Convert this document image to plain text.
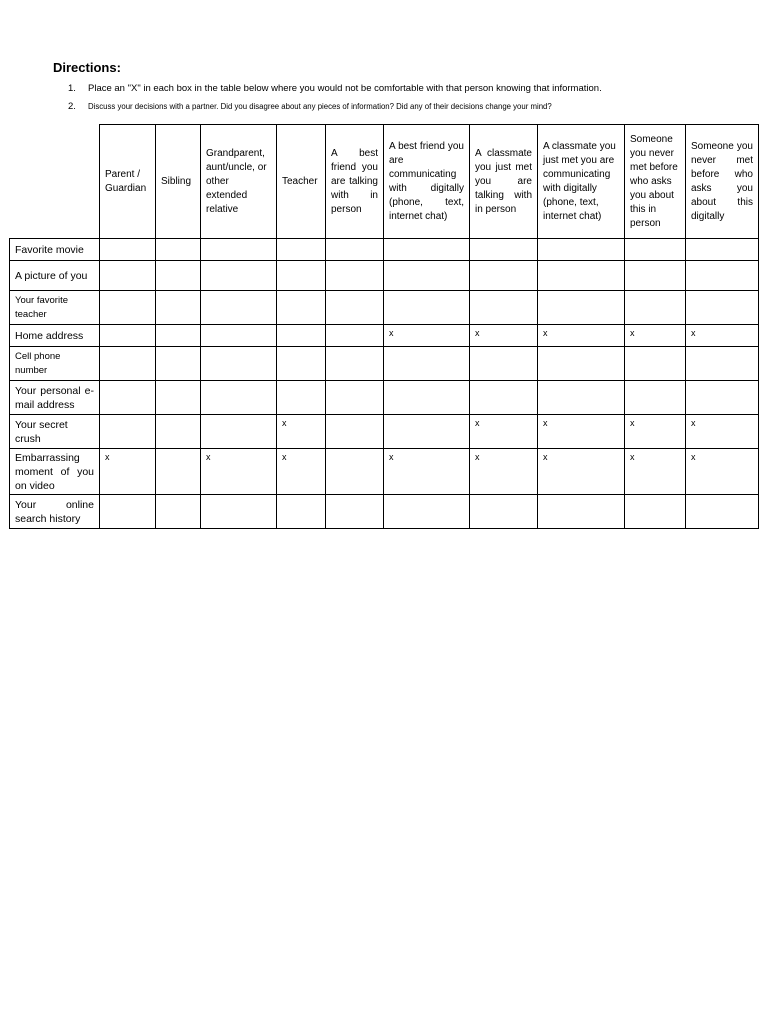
Directions:
1.	Place an "X" in each box in the table below where you would not be comfortable with that person knowing that information.
2.	Discuss your decisions with a partner. Did you disagree about any pieces of information? Did any of their decisions change your mind?
	Parent / Guardian	Sibling	Grandparent, aunt/uncle, or other extended relative	Teacher	A best friend you are talking with in person	A best friend you are communicating with digitally (phone, text, internet chat)	A classmate you just met you are talking with in person	A classmate you just met you are communicating with digitally (phone, text, internet chat)	Someone you never met before who asks you about this in person	Someone you never met before who asks you about this digitally
Favorite movie										
A picture of you										
Your favorite teacher										
Home address						x	x	x	x	x
Cell phone number										
Your personal e-mail address										
Your secret crush				x			x	x	x	x
Embarrassing moment of you on video	x		x	x		x	x	x	x	x
Your online search history										
